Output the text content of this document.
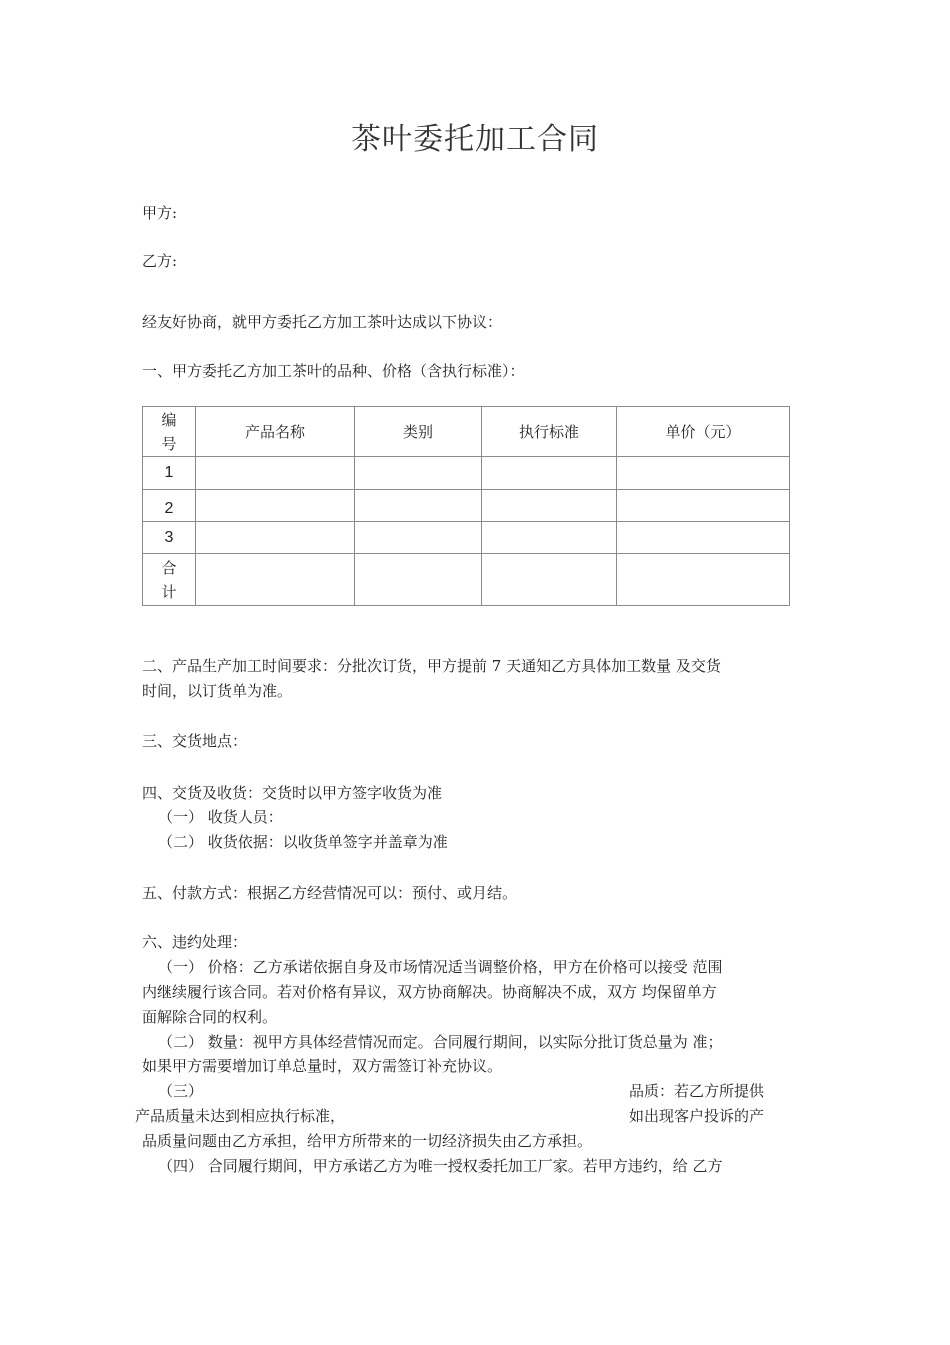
茶叶委托加工合同
甲方:
乙方:
经友好协商，就甲方委托乙方加工茶叶达成以下协议：
一、甲方委托乙方加工茶叶的品种、价格（含执行标准）：
编号	产品名称	类别	执行标准	单价（元）
1				
2				
3				
合计				
二、产品生产加工时间要求：分批次订货，甲方提前 7 天通知乙方具体加工数量 及交货
时间，以订货单为准。
三、交货地点：
四、交货及收货：交货时以甲方签字收货为准
（一） 收货人员：
（二） 收货依据：以收货单签字并盖章为准
五、付款方式：根据乙方经营情况可以：预付、或月结。
六、违约处理：
（一） 价格：乙方承诺依据自身及市场情况适当调整价格，甲方在价格可以接受 范围
内继续履行该合同。若对价格有异议，双方协商解决。协商解决不成，双方 均保留单方
面解除合同的权利。
（二） 数量：视甲方具体经营情况而定。合同履行期间，以实际分批订货总量为 准；
如果甲方需要增加订单总量时，双方需签订补充协议。
（三）	品质：若乙方所提供
产品质量未达到相应执行标准，	如出现客户投诉的产
品质量问题由乙方承担，给甲方所带来的一切经济损失由乙方承担。
（四） 合同履行期间，甲方承诺乙方为唯一授权委托加工厂家。若甲方违约，给 乙方
